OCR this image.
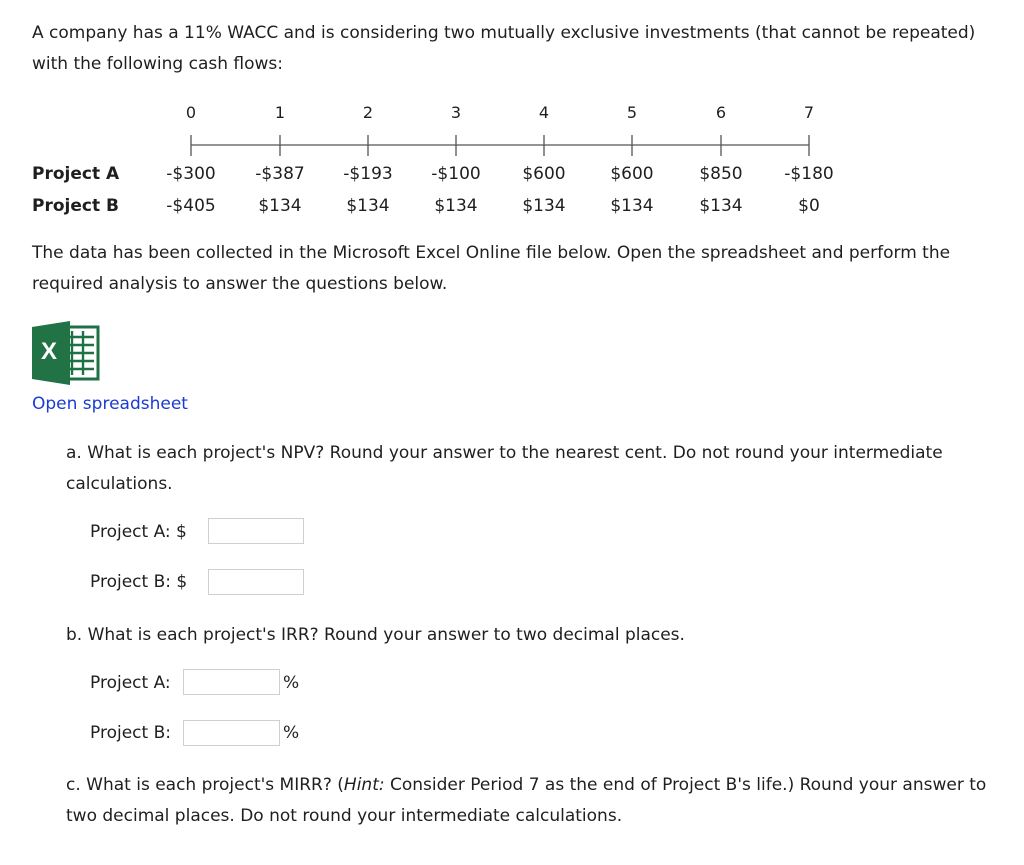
A company has a 11% WACC and is considering two mutually exclusive investments (that cannot be repeated) with the following cash flows:
0	1	2	3	4	5	6	7
Project A	-$300	-$387	-$193	-$100	$600	$600	$850	-$180
Project B	-$405	$134	$134	$134	$134	$134	$134	$0
The data has been collected in the Microsoft Excel Online file below. Open the spreadsheet and perform the required analysis to answer the questions below.
X
Open spreadsheet
a. What is each project's NPV? Round your answer to the nearest cent. Do not round your intermediate calculations.
Project A: $
Project B: $
b. What is each project's IRR? Round your answer to two decimal places.
Project A:	%
Project B:	%
c. What is each project's MIRR? (Hint: Consider Period 7 as the end of Project B's life.) Round your answer to two decimal places. Do not round your intermediate calculations.
